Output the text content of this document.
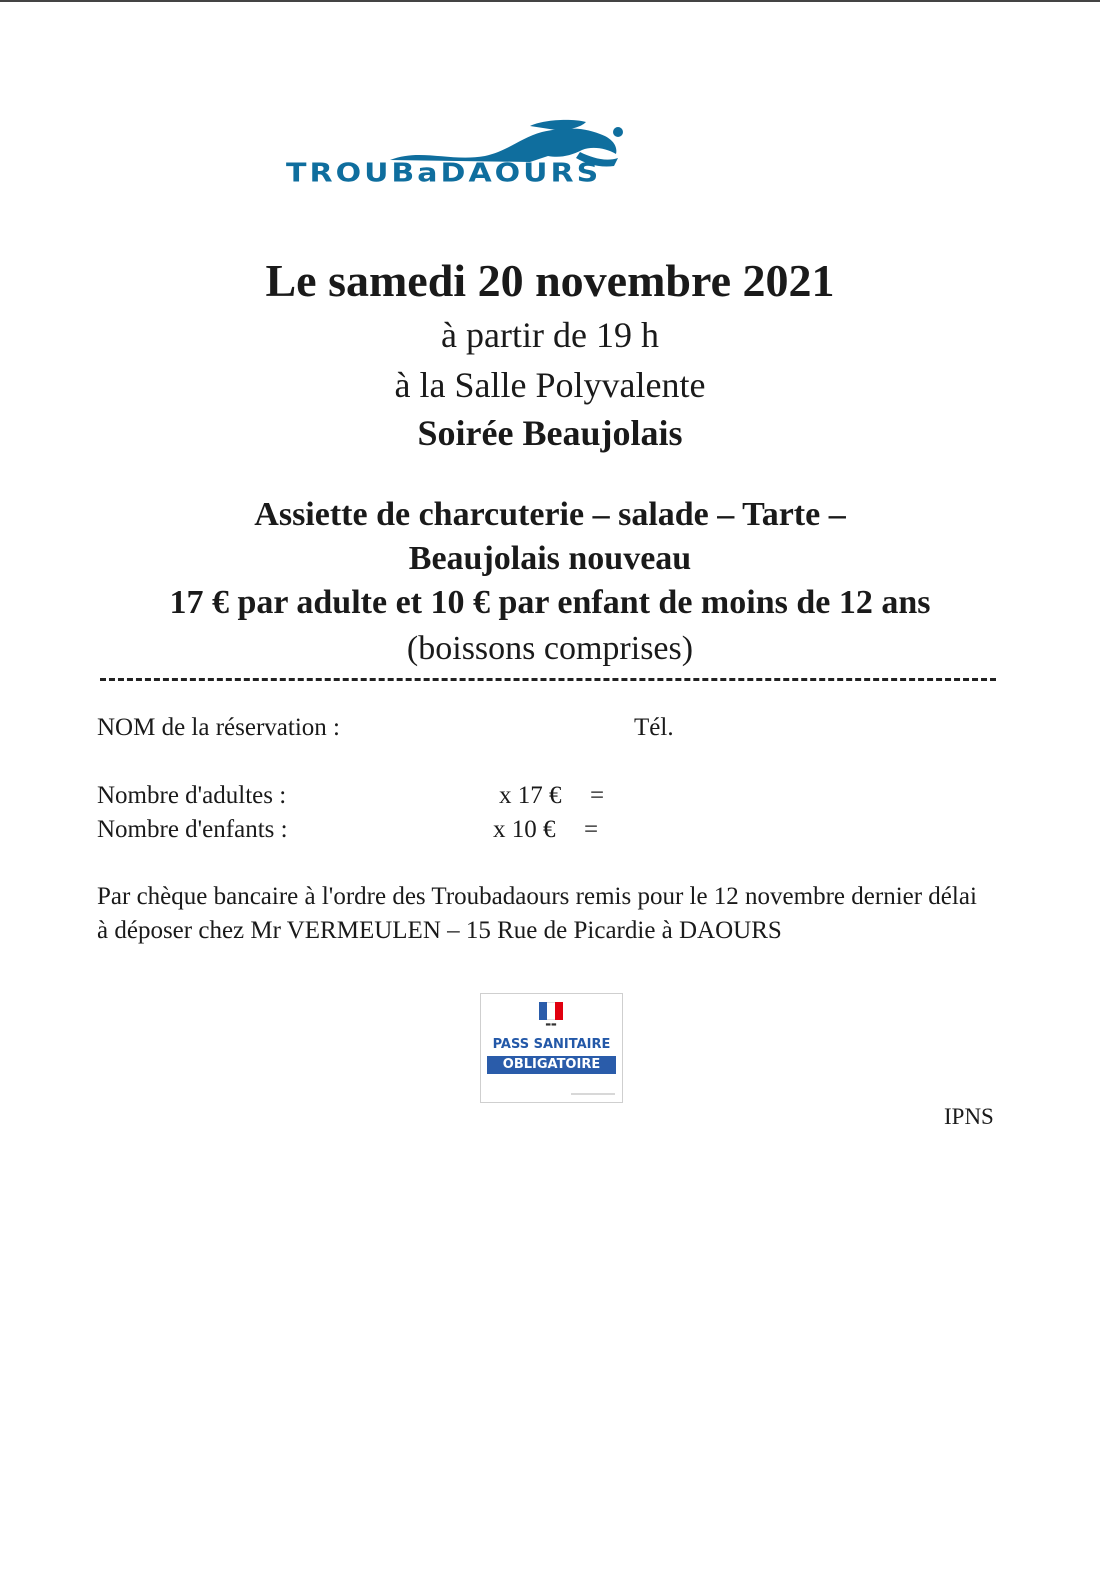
TROUBaDAOURS
Le samedi 20 novembre 2021
à partir de 19 h
à la Salle Polyvalente
Soirée Beaujolais
Assiette de charcuterie – salade – Tarte –
Beaujolais nouveau
17 € par adulte et 10 € par enfant de moins de 12 ans
(boissons comprises)
NOM de la réservation :	Tél.
Nombre d'adultes :	x 17 € =
Nombre d'enfants :	x 10 € =
Par chèque bancaire à l'ordre des Troubadaours remis pour le 12 novembre dernier délai à déposer chez Mr VERMEULEN – 15 Rue de Picardie à DAOURS
▬▬
PASS SANITAIRE
OBLIGATOIRE
IPNS
